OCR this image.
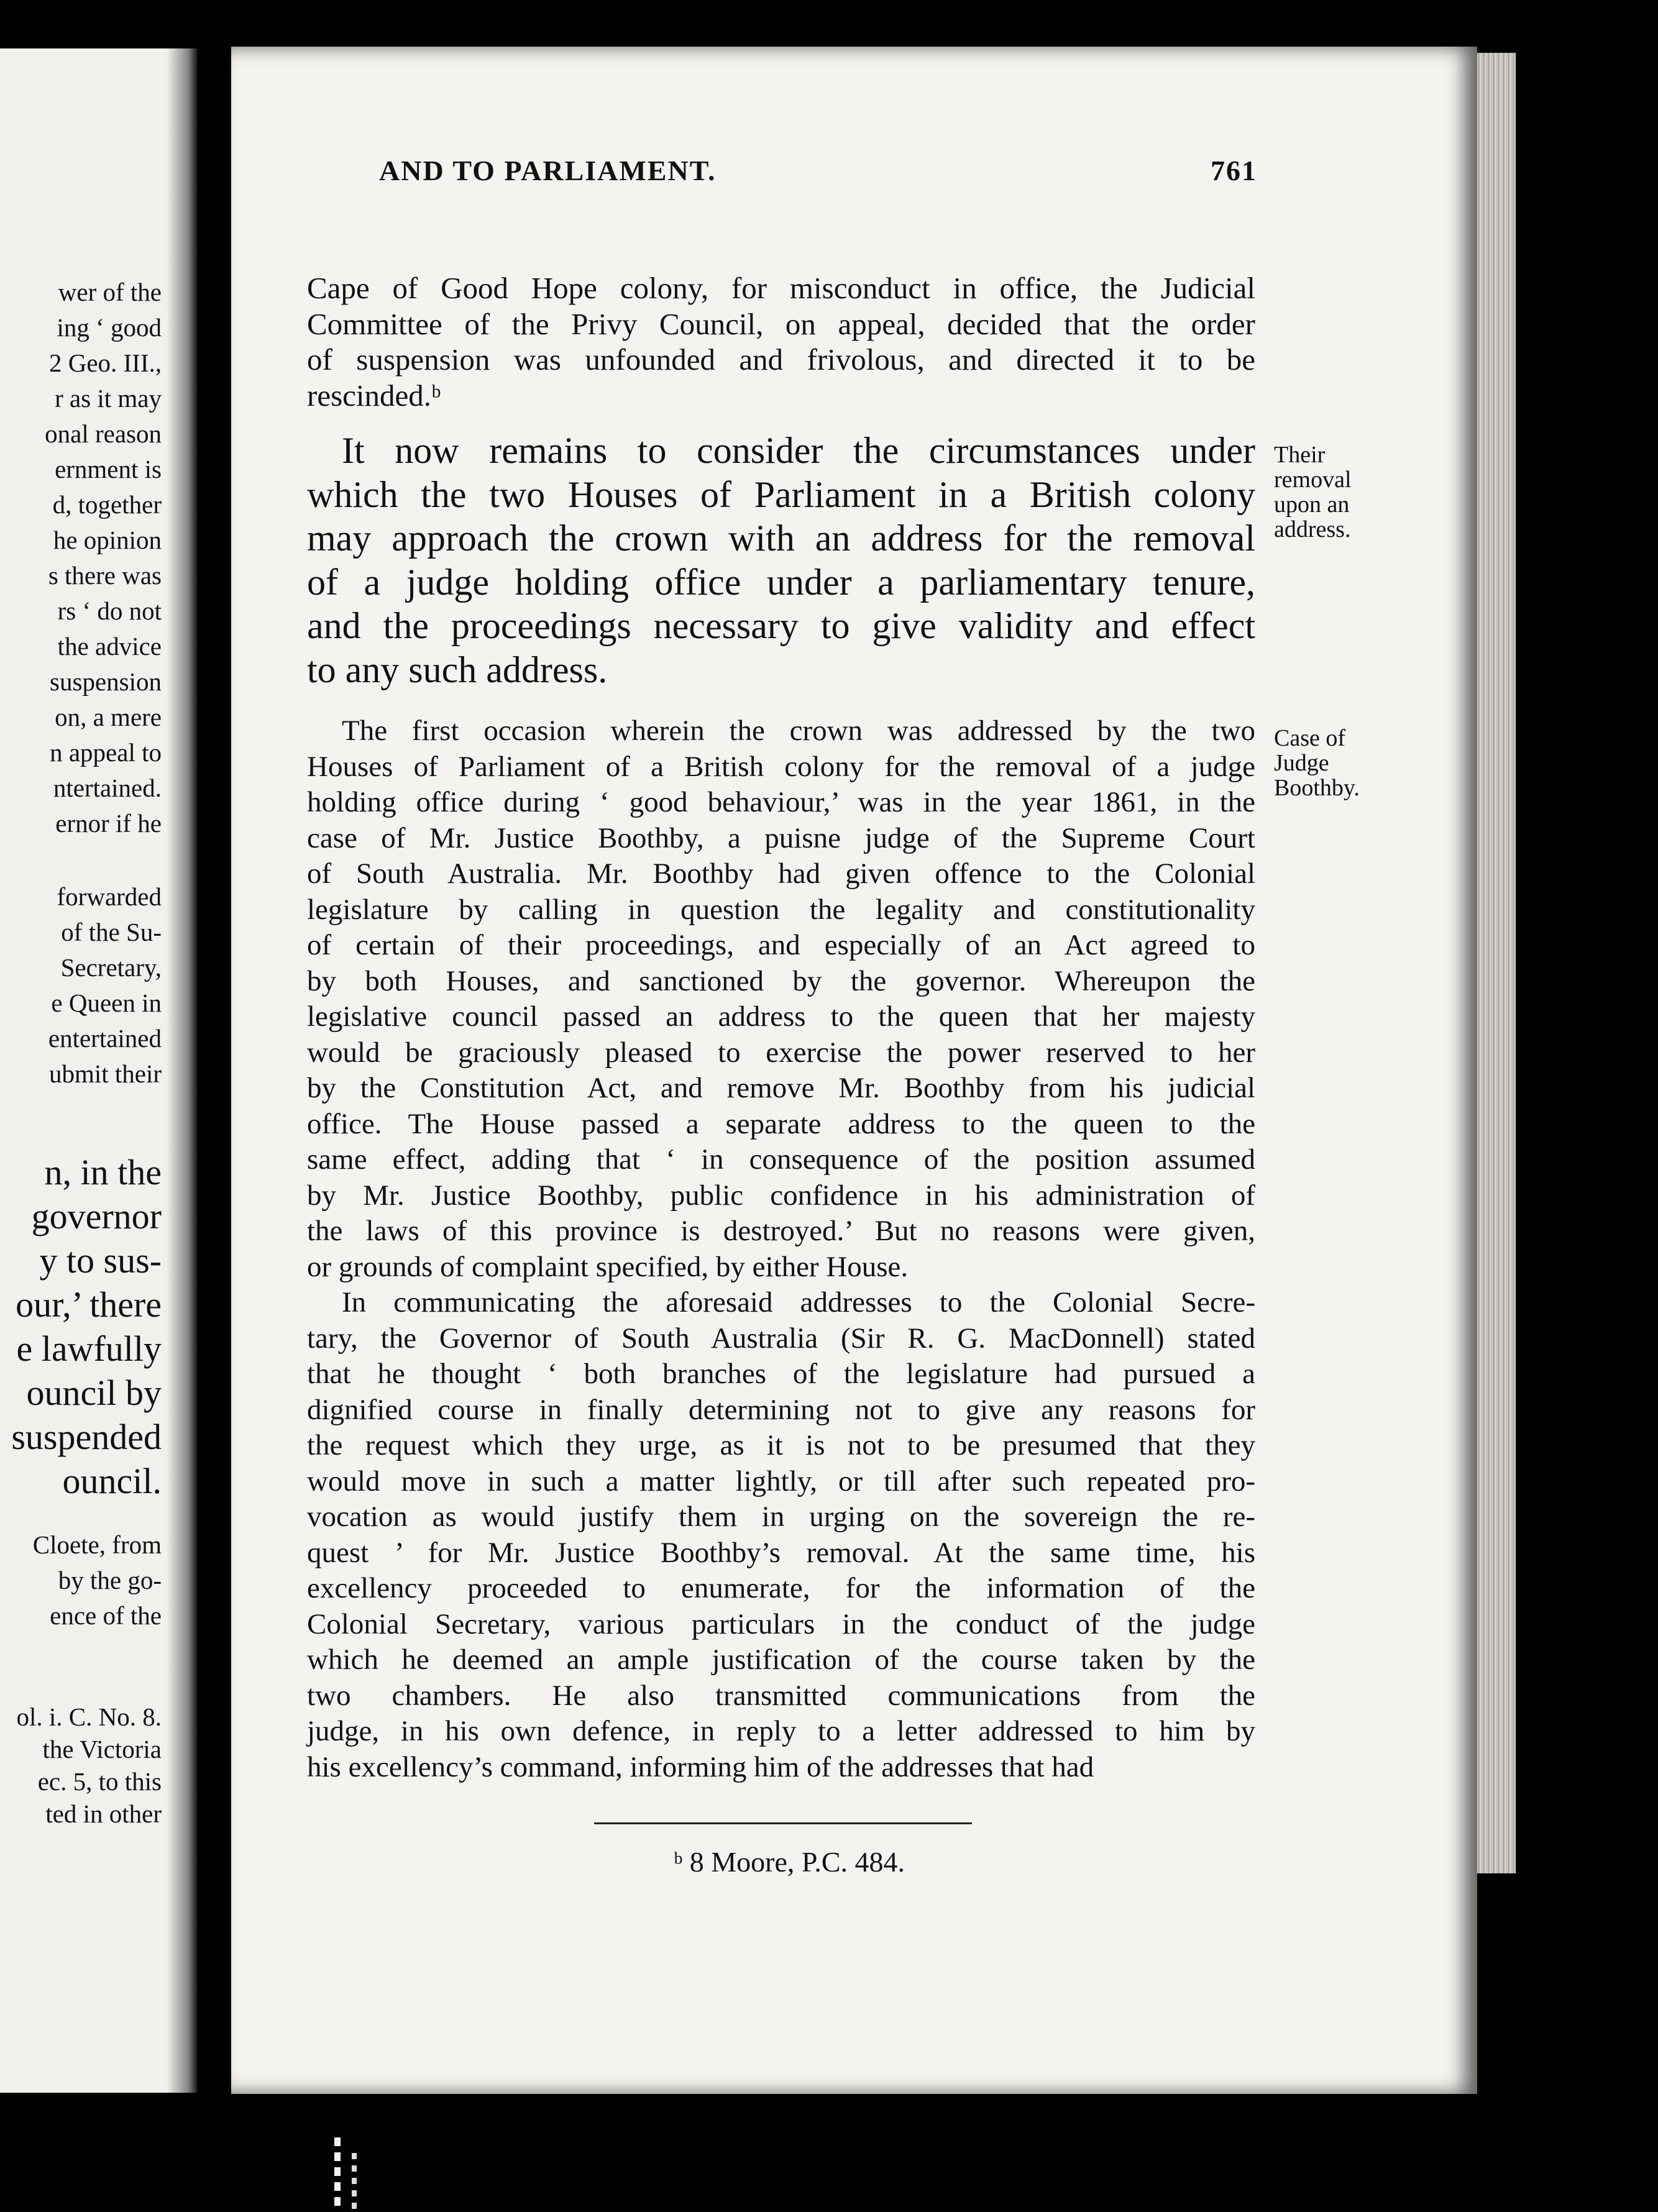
wer of the
ing ‘ good
2 Geo. III.,
r as it may
onal reason
ernment is
d, together
he opinion
s there was
rs ‘ do not
the advice
suspension
on, a mere
n appeal to
ntertained.
ernor if he
forwarded
of the Su-
Secretary,
e Queen in
entertained
ubmit their
n, in the
governor
y to sus-
our,’ there
e lawfully
ouncil by
suspended
ouncil.
Cloete, from
by the go-
ence of the
ol. i. C. No. 8.
the Victoria
ec. 5, to this
ted in other
AND TO PARLIAMENT.	761
Cape of Good Hope colony, for misconduct in office, the Judicial
Committee of the Privy Council, on appeal, decided that the order
of suspension was unfounded and frivolous, and directed it to be
rescinded.ᵇ
It now remains to consider the circumstances under
which the two Houses of Parliament in a British colony
may approach the crown with an address for the removal
of a judge holding office under a parliamentary tenure,
and the proceedings necessary to give validity and effect
to any such address.
The first occasion wherein the crown was addressed by the two
Houses of Parliament of a British colony for the removal of a judge
holding office during ‘ good behaviour,’ was in the year 1861, in the
case of Mr. Justice Boothby, a puisne judge of the Supreme Court
of South Australia. Mr. Boothby had given offence to the Colonial
legislature by calling in question the legality and constitutionality
of certain of their proceedings, and especially of an Act agreed to
by both Houses, and sanctioned by the governor. Whereupon the
legislative council passed an address to the queen that her majesty
would be graciously pleased to exercise the power reserved to her
by the Constitution Act, and remove Mr. Boothby from his judicial
office. The House passed a separate address to the queen to the
same effect, adding that ‘ in consequence of the position assumed
by Mr. Justice Boothby, public confidence in his administration of
the laws of this province is destroyed.’ But no reasons were given,
or grounds of complaint specified, by either House.
In communicating the aforesaid addresses to the Colonial Secre-
tary, the Governor of South Australia (Sir R. G. MacDonnell) stated
that he thought ‘ both branches of the legislature had pursued a
dignified course in finally determining not to give any reasons for
the request which they urge, as it is not to be presumed that they
would move in such a matter lightly, or till after such repeated pro-
vocation as would justify them in urging on the sovereign the re-
quest ’ for Mr. Justice Boothby’s removal. At the same time, his
excellency proceeded to enumerate, for the information of the
Colonial Secretary, various particulars in the conduct of the judge
which he deemed an ample justification of the course taken by the
two chambers. He also transmitted communications from the
judge, in his own defence, in reply to a letter addressed to him by
his excellency’s command, informing him of the addresses that had
Their
removal
upon an
address.
Case of
Judge
Boothby.
ᵇ 8 Moore, P.C. 484.
